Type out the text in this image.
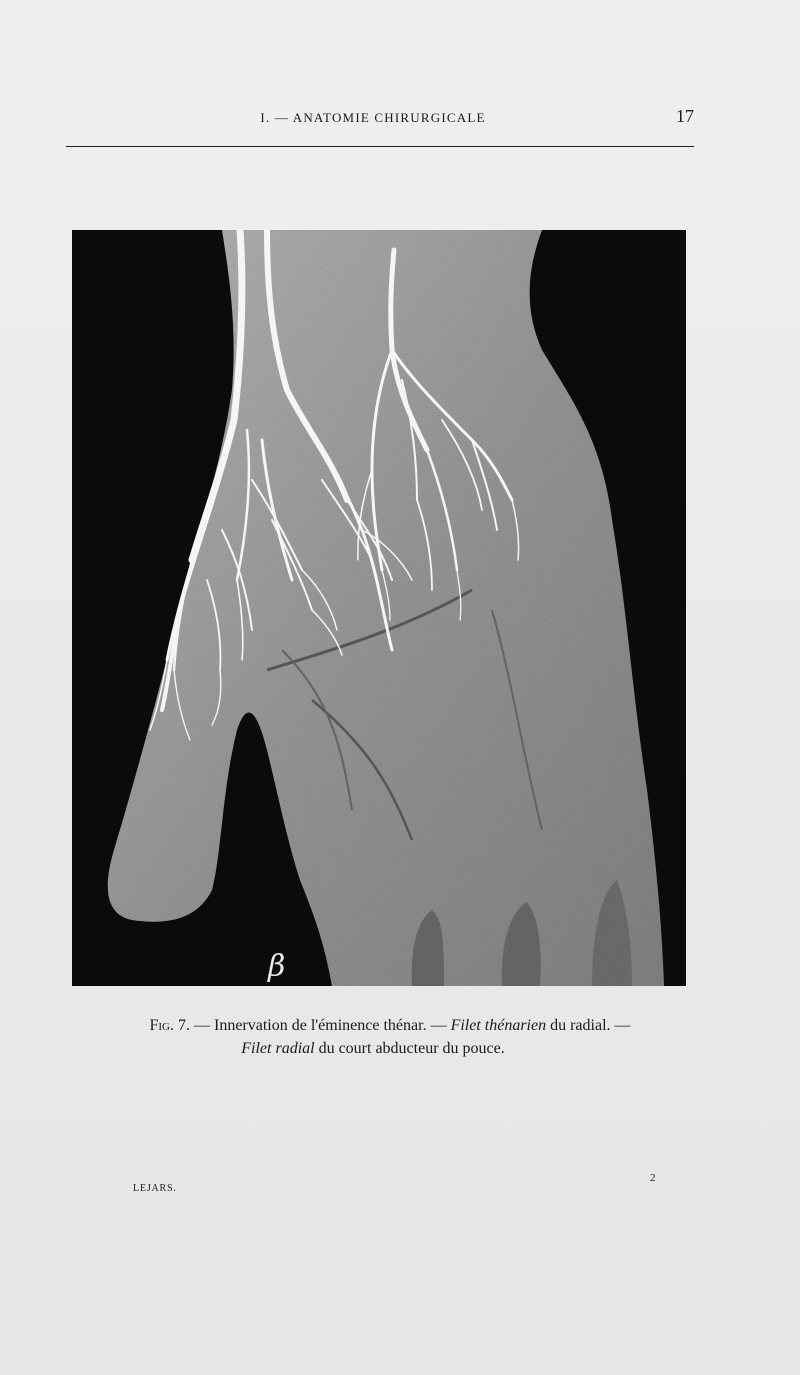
I. — ANATOMIE CHIRURGICALE	17
β
Fig. 7. — Innervation de l'éminence thénar. — Filet thénarien du radial. —
Filet radial du court abducteur du pouce.
LEJARS.
2
